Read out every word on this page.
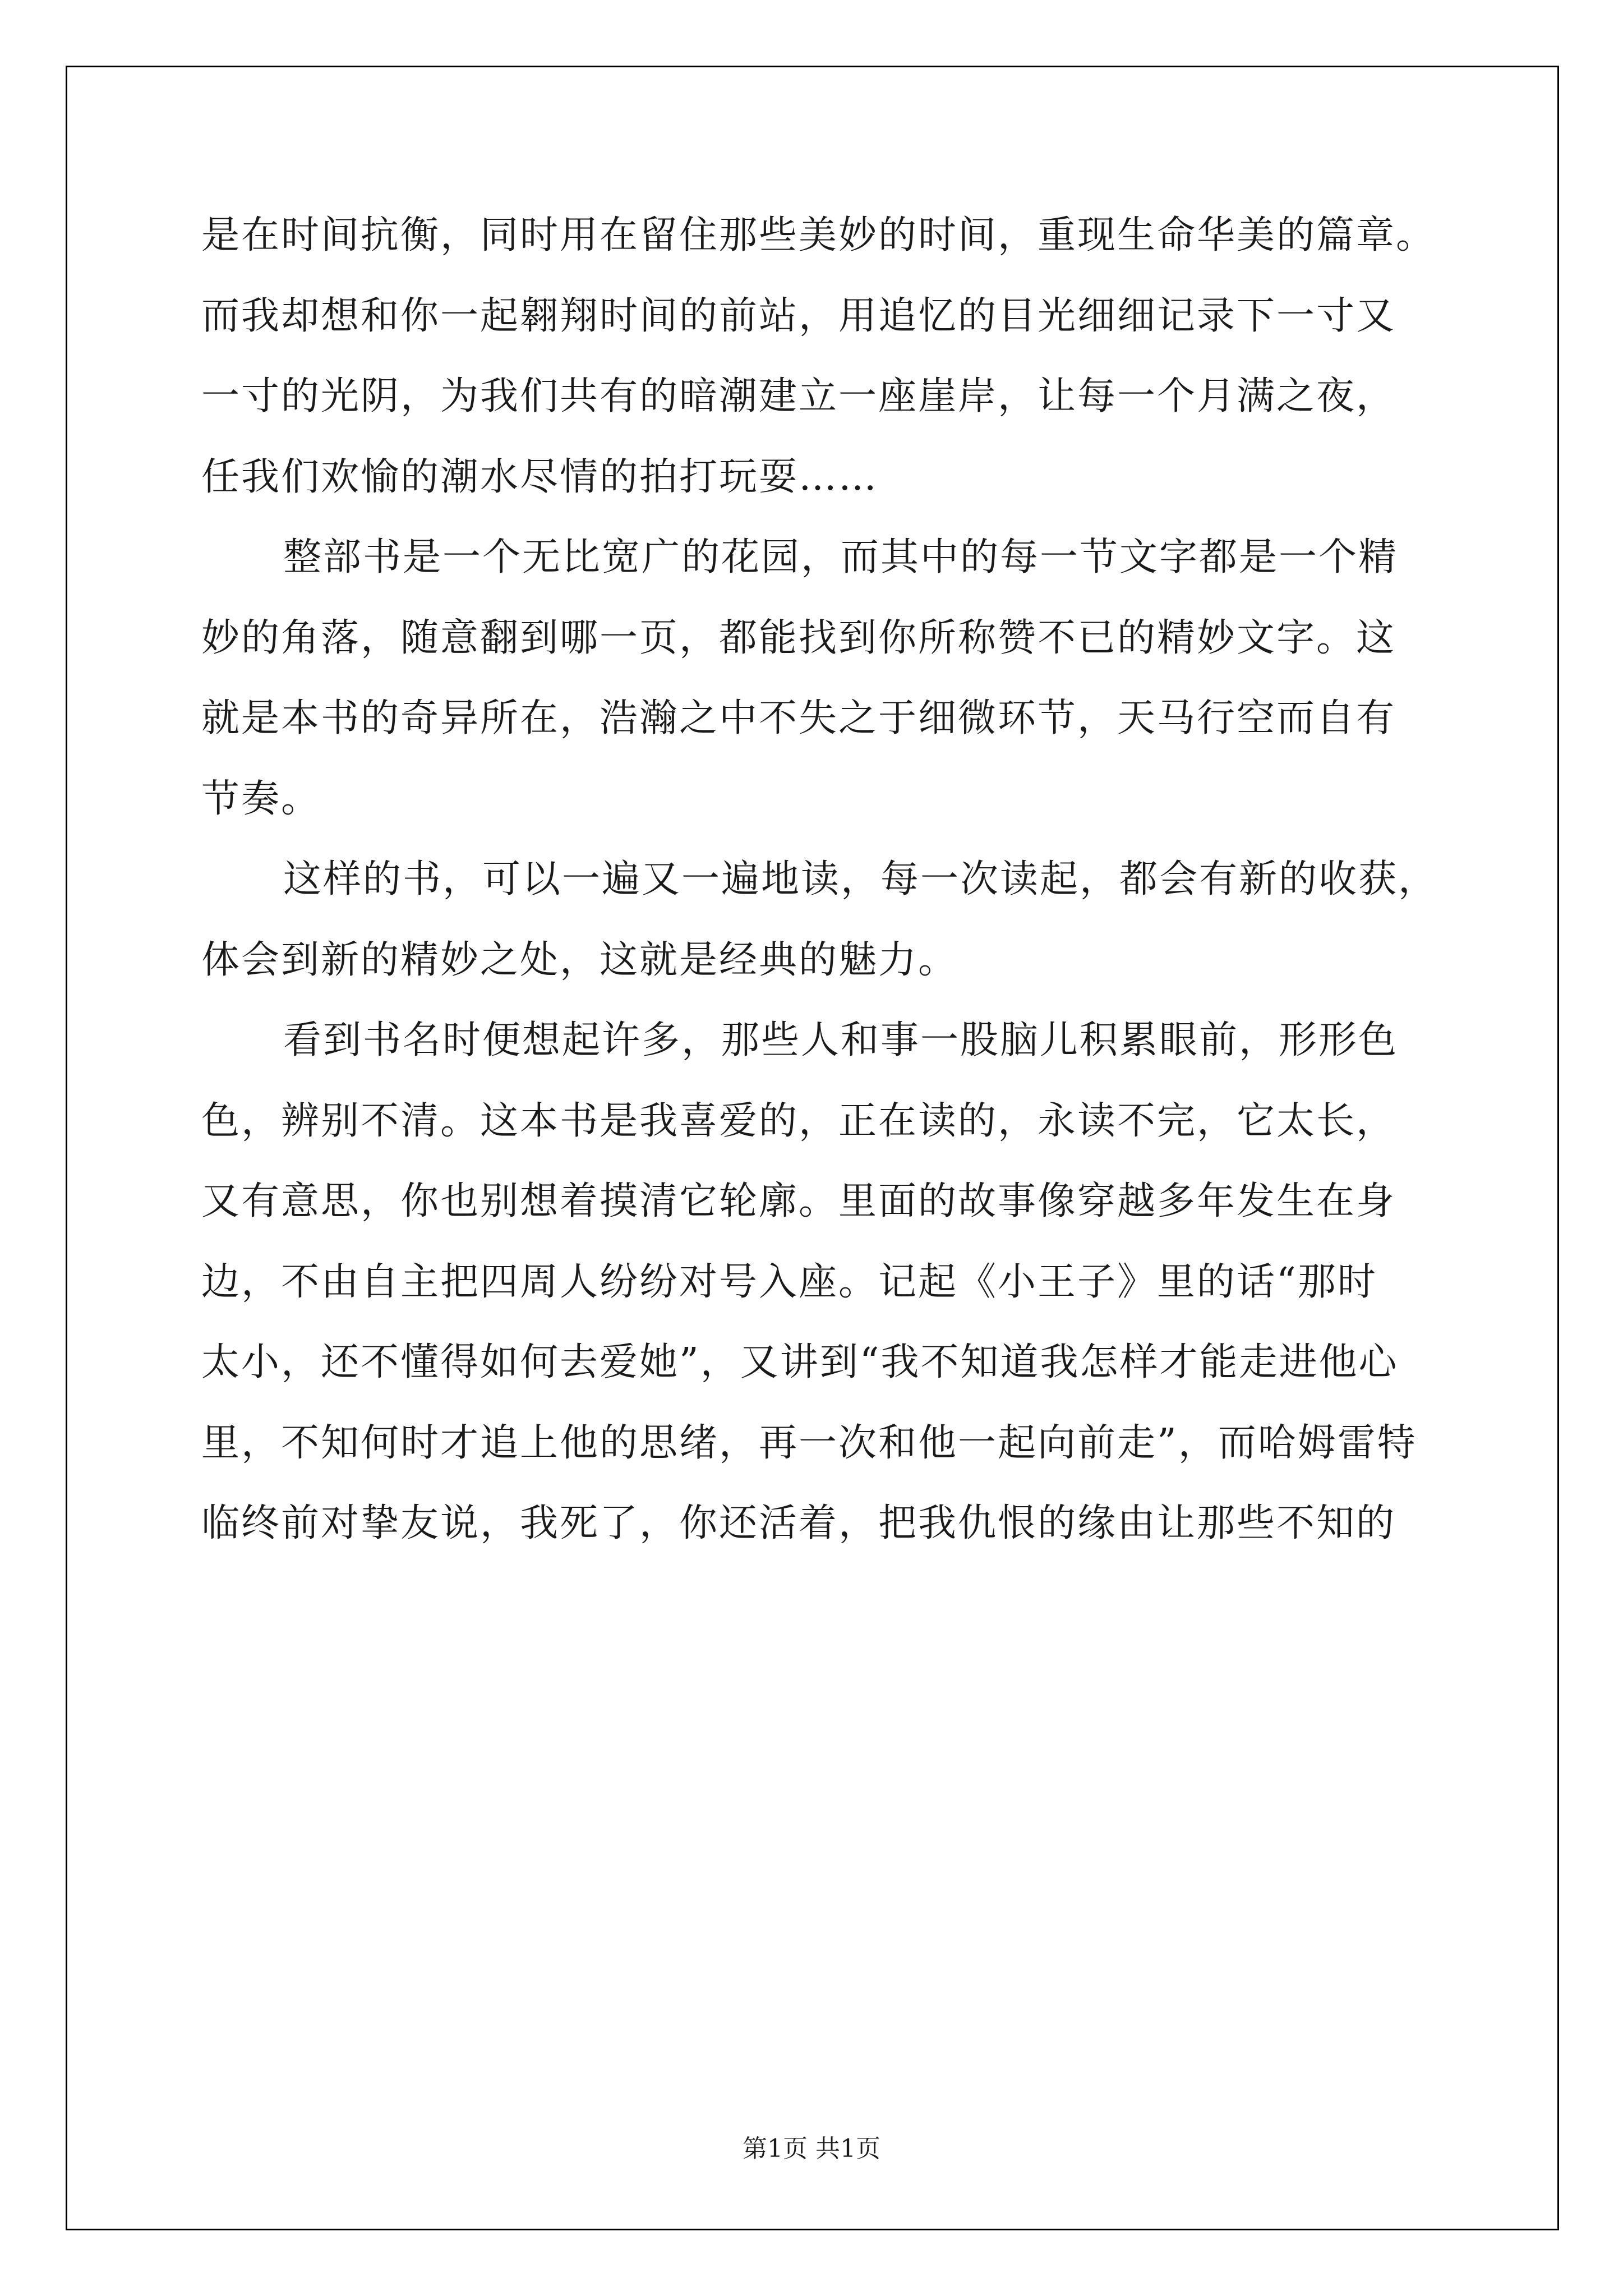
是在时间抗衡，同时用在留住那些美妙的时间，重现生命华美的篇章。
而我却想和你一起翱翔时间的前站，用追忆的目光细细记录下一寸又
一寸的光阴，为我们共有的暗潮建立一座崖岸，让每一个月满之夜，
任我们欢愉的潮水尽情的拍打玩耍……
整部书是一个无比宽广的花园，而其中的每一节文字都是一个精
妙的角落，随意翻到哪一页，都能找到你所称赞不已的精妙文字。这
就是本书的奇异所在，浩瀚之中不失之于细微环节，天马行空而自有
节奏。
这样的书，可以一遍又一遍地读，每一次读起，都会有新的收获，
体会到新的精妙之处，这就是经典的魅力。
看到书名时便想起许多，那些人和事一股脑儿积累眼前，形形色
色，辨别不清。这本书是我喜爱的，正在读的，永读不完，它太长，
又有意思，你也别想着摸清它轮廓。里面的故事像穿越多年发生在身
边，不由自主把四周人纷纷对号入座。记起《小王子》里的话“那时
太小，还不懂得如何去爱她”，又讲到“我不知道我怎样才能走进他心
里，不知何时才追上他的思绪，再一次和他一起向前走”，而哈姆雷特
临终前对挚友说，我死了，你还活着，把我仇恨的缘由让那些不知的
第1页 共1页
